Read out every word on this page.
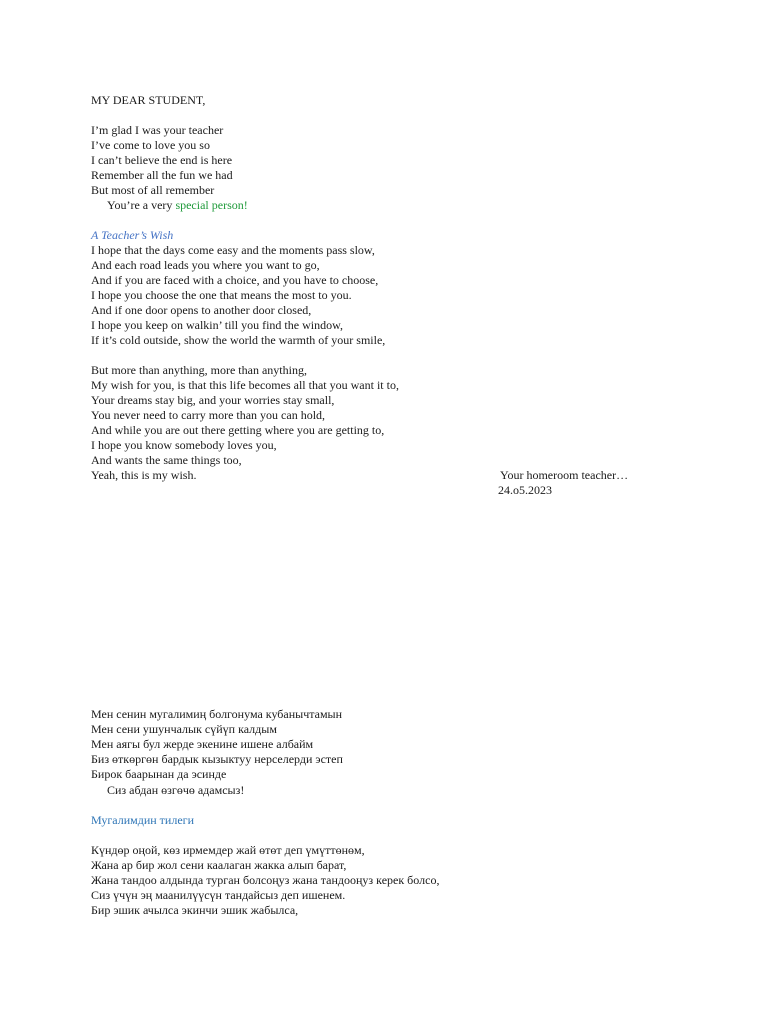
MY DEAR STUDENT,
I’m glad I was your teacher
I’ve come to love you so
I can’t believe the end is here
Remember all the fun we had
But most of all remember
You’re a very special person!
A Teacher’s Wish
I hope that the days come easy and the moments pass slow,
And each road leads you where you want to go,
And if you are faced with a choice, and you have to choose,
I hope you choose the one that means the most to you.
And if one door opens to another door closed,
I hope you keep on walkin’ till you find the window,
If it’s cold outside, show the world the warmth of your smile,
But more than anything, more than anything,
My wish for you, is that this life becomes all that you want it to,
Your dreams stay big, and your worries stay small,
You never need to carry more than you can hold,
And while you are out there getting where you are getting to,
I hope you know somebody loves you,
And wants the same things too,
Yeah, this is my wish.	Your homeroom teacher…
24.o5.2023
Мен сенин мугалимиң болгонума кубанычтамын
Мен сени ушунчалык сүйүп калдым
Мен аягы бул жерде экенине ишене албайм
Биз өткөргөн бардык кызыктуу нерселерди эстеп
Бирок баарынан да эсинде
Сиз абдан өзгөчө адамсыз!
Мугалимдин тилеги
Күндөр оңой, көз ирмемдер жай өтөт деп үмүттөнөм,
Жана ар бир жол сени каалаган жакка алып барат,
Жана тандоо алдында турган болсоңуз жана тандооңуз керек болсо,
Сиз үчүн эң маанилүүсүн тандайсыз деп ишенем.
Бир эшик ачылса экинчи эшик жабылса,
